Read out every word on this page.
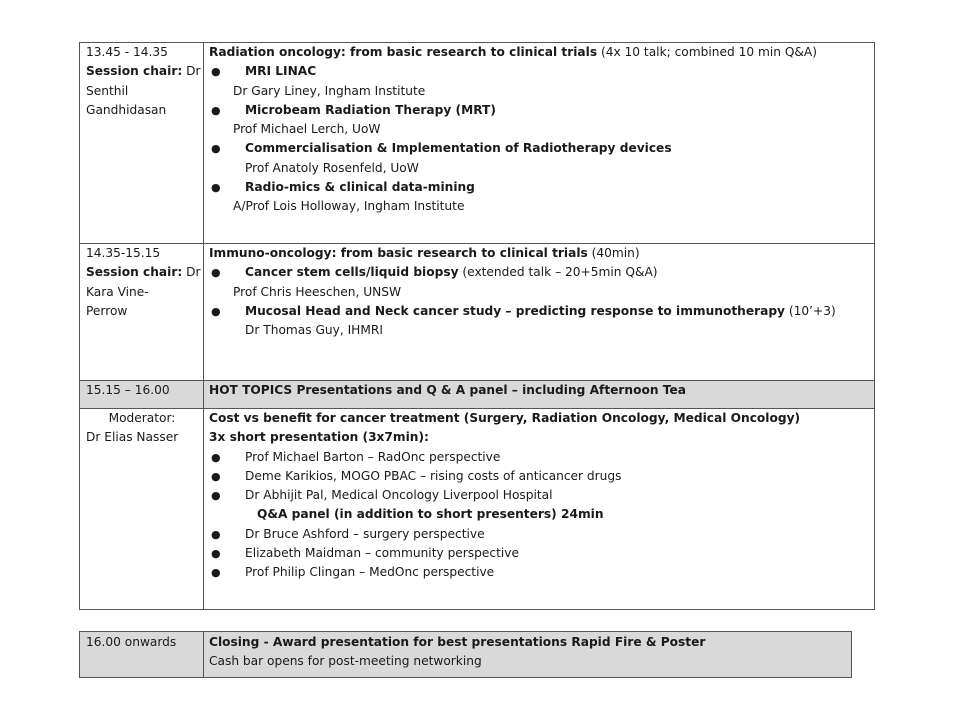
13.45 - 14.35
Session chair: Dr
Senthil
Gandhidasan
Radiation oncology: from basic research to clinical trials (4x 10 talk; combined 10 min Q&A)
● MRI LINAC
Dr Gary Liney, Ingham Institute
● Microbeam Radiation Therapy (MRT)
Prof Michael Lerch, UoW
● Commercialisation & Implementation of Radiotherapy devices
Prof Anatoly Rosenfeld, UoW
● Radio-mics & clinical data-mining
A/Prof Lois Holloway, Ingham Institute
14.35-15.15
Session chair: Dr
Kara Vine-
Perrow
Immuno-oncology: from basic research to clinical trials (40min)
● Cancer stem cells/liquid biopsy (extended talk – 20+5min Q&A)
Prof Chris Heeschen, UNSW
● Mucosal Head and Neck cancer study – predicting response to immunotherapy (10’+3)
Dr Thomas Guy, IHMRI
15.15 – 16.00	HOT TOPICS Presentations and Q & A panel – including Afternoon Tea
Moderator:
Dr Elias Nasser
Cost vs benefit for cancer treatment (Surgery, Radiation Oncology, Medical Oncology)
3x short presentation (3x7min):
● Prof Michael Barton – RadOnc perspective
● Deme Karikios, MOGO PBAC – rising costs of anticancer drugs
● Dr Abhijit Pal, Medical Oncology Liverpool Hospital
Q&A panel (in addition to short presenters) 24min
● Dr Bruce Ashford – surgery perspective
● Elizabeth Maidman – community perspective
● Prof Philip Clingan – MedOnc perspective
16.00 onwards	Closing - Award presentation for best presentations Rapid Fire & Poster
Cash bar opens for post-meeting networking
